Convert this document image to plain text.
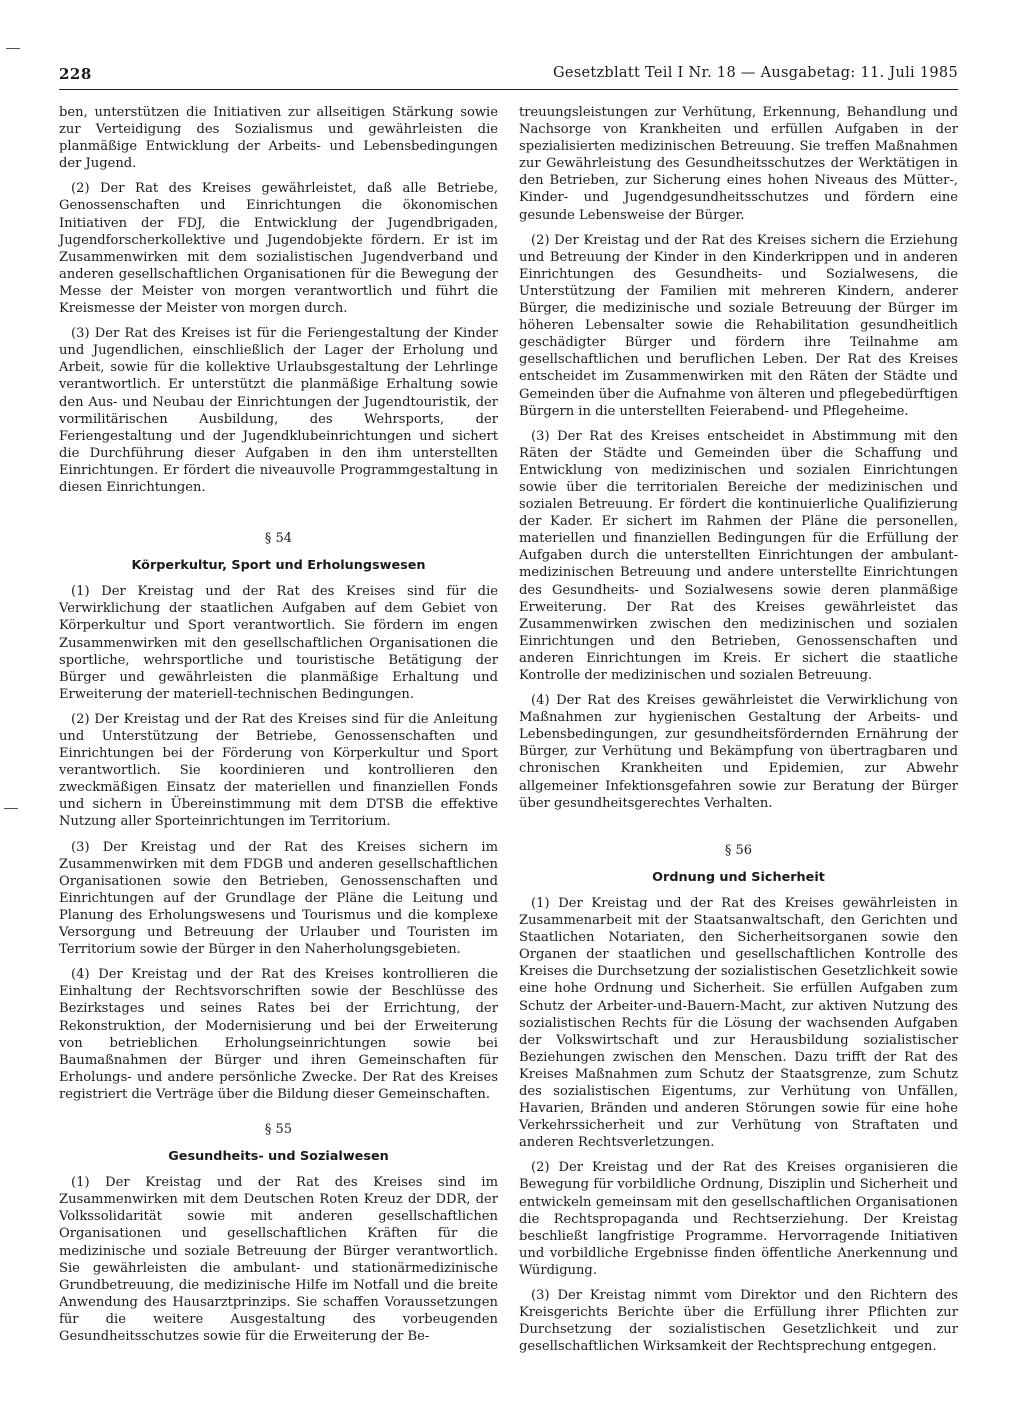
228	Gesetzblatt Teil I Nr. 18 — Ausgabetag: 11. Juli 1985

ben, unterstützen die Initiativen zur allseitigen Stärkung sowie zur Verteidigung des Sozialismus und gewährleisten die planmäßige Entwicklung der Arbeits- und Lebensbedingungen der Jugend.

(2) Der Rat des Kreises gewährleistet, daß alle Betriebe, Genossenschaften und Einrichtungen die ökonomischen Initiativen der FDJ, die Entwicklung der Jugendbrigaden, Jugendforscherkollektive und Jugendobjekte fördern. Er ist im Zusammenwirken mit dem sozialistischen Jugendverband und anderen gesellschaftlichen Organisationen für die Bewegung der Messe der Meister von morgen verantwortlich und führt die Kreismesse der Meister von morgen durch.

(3) Der Rat des Kreises ist für die Feriengestaltung der Kinder und Jugendlichen, einschließlich der Lager der Erholung und Arbeit, sowie für die kollektive Urlaubsgestaltung der Lehrlinge verantwortlich. Er unterstützt die planmäßige Erhaltung sowie den Aus- und Neubau der Einrichtungen der Jugendtouristik, der vormilitärischen Ausbildung, des Wehrsports, der Feriengestaltung und der Jugendklubeinrichtungen und sichert die Durchführung dieser Aufgaben in den ihm unterstellten Einrichtungen. Er fördert die niveauvolle Programmgestaltung in diesen Einrichtungen.

§ 54
Körperkultur, Sport und Erholungswesen

(1) Der Kreistag und der Rat des Kreises sind für die Verwirklichung der staatlichen Aufgaben auf dem Gebiet von Körperkultur und Sport verantwortlich. Sie fördern im engen Zusammenwirken mit den gesellschaftlichen Organisationen die sportliche, wehrsportliche und touristische Betätigung der Bürger und gewährleisten die planmäßige Erhaltung und Erweiterung der materiell-technischen Bedingungen.

(2) Der Kreistag und der Rat des Kreises sind für die Anleitung und Unterstützung der Betriebe, Genossenschaften und Einrichtungen bei der Förderung von Körperkultur und Sport verantwortlich. Sie koordinieren und kontrollieren den zweckmäßigen Einsatz der materiellen und finanziellen Fonds und sichern in Übereinstimmung mit dem DTSB die effektive Nutzung aller Sporteinrichtungen im Territorium.

(3) Der Kreistag und der Rat des Kreises sichern im Zusammenwirken mit dem FDGB und anderen gesellschaftlichen Organisationen sowie den Betrieben, Genossenschaften und Einrichtungen auf der Grundlage der Pläne die Leitung und Planung des Erholungswesens und Tourismus und die komplexe Versorgung und Betreuung der Urlauber und Touristen im Territorium sowie der Bürger in den Naherholungsgebieten.

(4) Der Kreistag und der Rat des Kreises kontrollieren die Einhaltung der Rechtsvorschriften sowie der Beschlüsse des Bezirkstages und seines Rates bei der Errichtung, der Rekonstruktion, der Modernisierung und bei der Erweiterung von betrieblichen Erholungseinrichtungen sowie bei Baumaßnahmen der Bürger und ihren Gemeinschaften für Erholungs- und andere persönliche Zwecke. Der Rat des Kreises registriert die Verträge über die Bildung dieser Gemeinschaften.

§ 55
Gesundheits- und Sozialwesen

(1) Der Kreistag und der Rat des Kreises sind im Zusammenwirken mit dem Deutschen Roten Kreuz der DDR, der Volkssolidarität sowie mit anderen gesellschaftlichen Organisationen und gesellschaftlichen Kräften für die medizinische und soziale Betreuung der Bürger verantwortlich. Sie gewährleisten die ambulant- und stationärmedizinische Grundbetreuung, die medizinische Hilfe im Notfall und die breite Anwendung des Hausarztprinzips. Sie schaffen Voraussetzungen für die weitere Ausgestaltung des vorbeugenden Gesundheitsschutzes sowie für die Erweiterung der Be-

treuungsleistungen zur Verhütung, Erkennung, Behandlung und Nachsorge von Krankheiten und erfüllen Aufgaben in der spezialisierten medizinischen Betreuung. Sie treffen Maßnahmen zur Gewährleistung des Gesundheitsschutzes der Werktätigen in den Betrieben, zur Sicherung eines hohen Niveaus des Mütter-, Kinder- und Jugendgesundheitsschutzes und fördern eine gesunde Lebensweise der Bürger.

(2) Der Kreistag und der Rat des Kreises sichern die Erziehung und Betreuung der Kinder in den Kinderkrippen und in anderen Einrichtungen des Gesundheits- und Sozialwesens, die Unterstützung der Familien mit mehreren Kindern, anderer Bürger, die medizinische und soziale Betreuung der Bürger im höheren Lebensalter sowie die Rehabilitation gesundheitlich geschädigter Bürger und fördern ihre Teilnahme am gesellschaftlichen und beruflichen Leben. Der Rat des Kreises entscheidet im Zusammenwirken mit den Räten der Städte und Gemeinden über die Aufnahme von älteren und pflegebedürftigen Bürgern in die unterstellten Feierabend- und Pflegeheime.

(3) Der Rat des Kreises entscheidet in Abstimmung mit den Räten der Städte und Gemeinden über die Schaffung und Entwicklung von medizinischen und sozialen Einrichtungen sowie über die territorialen Bereiche der medizinischen und sozialen Betreuung. Er fördert die kontinuierliche Qualifizierung der Kader. Er sichert im Rahmen der Pläne die personellen, materiellen und finanziellen Bedingungen für die Erfüllung der Aufgaben durch die unterstellten Einrichtungen der ambulant-medizinischen Betreuung und andere unterstellte Einrichtungen des Gesundheits- und Sozialwesens sowie deren planmäßige Erweiterung. Der Rat des Kreises gewährleistet das Zusammenwirken zwischen den medizinischen und sozialen Einrichtungen und den Betrieben, Genossenschaften und anderen Einrichtungen im Kreis. Er sichert die staatliche Kontrolle der medizinischen und sozialen Betreuung.

(4) Der Rat des Kreises gewährleistet die Verwirklichung von Maßnahmen zur hygienischen Gestaltung der Arbeits- und Lebensbedingungen, zur gesundheitsfördernden Ernährung der Bürger, zur Verhütung und Bekämpfung von übertragbaren und chronischen Krankheiten und Epidemien, zur Abwehr allgemeiner Infektionsgefahren sowie zur Beratung der Bürger über gesundheitsgerechtes Verhalten.

§ 56
Ordnung und Sicherheit

(1) Der Kreistag und der Rat des Kreises gewährleisten in Zusammenarbeit mit der Staatsanwaltschaft, den Gerichten und Staatlichen Notariaten, den Sicherheitsorganen sowie den Organen der staatlichen und gesellschaftlichen Kontrolle des Kreises die Durchsetzung der sozialistischen Gesetzlichkeit sowie eine hohe Ordnung und Sicherheit. Sie erfüllen Aufgaben zum Schutz der Arbeiter-und-Bauern-Macht, zur aktiven Nutzung des sozialistischen Rechts für die Lösung der wachsenden Aufgaben der Volkswirtschaft und zur Herausbildung sozialistischer Beziehungen zwischen den Menschen. Dazu trifft der Rat des Kreises Maßnahmen zum Schutz der Staatsgrenze, zum Schutz des sozialistischen Eigentums, zur Verhütung von Unfällen, Havarien, Bränden und anderen Störungen sowie für eine hohe Verkehrssicherheit und zur Verhütung von Straftaten und anderen Rechtsverletzungen.

(2) Der Kreistag und der Rat des Kreises organisieren die Bewegung für vorbildliche Ordnung, Disziplin und Sicherheit und entwickeln gemeinsam mit den gesellschaftlichen Organisationen die Rechtspropaganda und Rechtserziehung. Der Kreistag beschließt langfristige Programme. Hervorragende Initiativen und vorbildliche Ergebnisse finden öffentliche Anerkennung und Würdigung.

(3) Der Kreistag nimmt vom Direktor und den Richtern des Kreisgerichts Berichte über die Erfüllung ihrer Pflichten zur Durchsetzung der sozialistischen Gesetzlichkeit und zur gesellschaftlichen Wirksamkeit der Rechtsprechung entgegen.
